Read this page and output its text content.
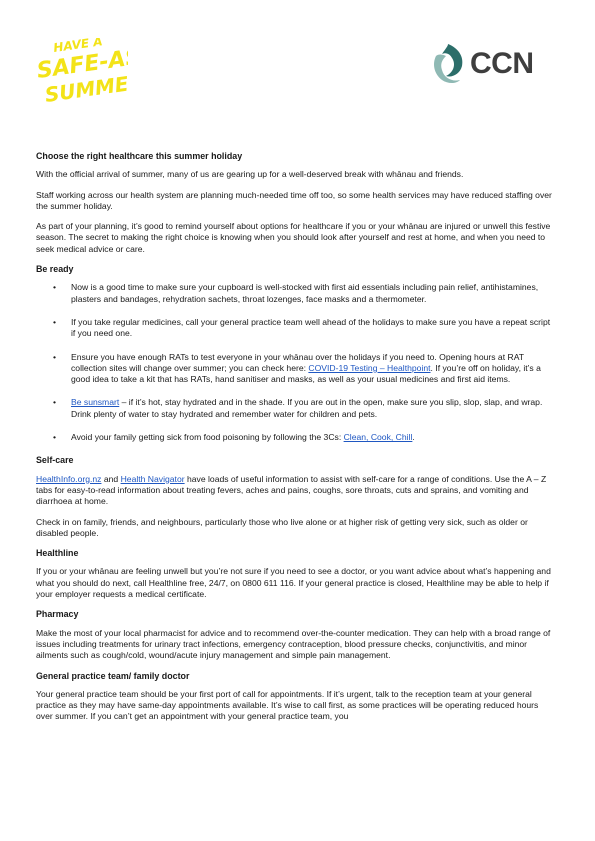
HAVE A
SAFE-AS
SUMMER
CCN
Choose the right healthcare this summer holiday

With the official arrival of summer, many of us are gearing up for a well-deserved break with whānau and friends.

Staff working across our health system are planning much-needed time off too, so some health services may have reduced staffing over the summer holiday.

As part of your planning, it’s good to remind yourself about options for healthcare if you or your whānau are injured or unwell this festive season. The secret to making the right choice is knowing when you should look after yourself and rest at home, and when you need to seek medical advice or care.

Be ready
• Now is a good time to make sure your cupboard is well-stocked with first aid essentials including pain relief, antihistamines, plasters and bandages, rehydration sachets, throat lozenges, face masks and a thermometer.
• If you take regular medicines, call your general practice team well ahead of the holidays to make sure you have a repeat script if you need one.
• Ensure you have enough RATs to test everyone in your whānau over the holidays if you need to. Opening hours at RAT collection sites will change over summer; you can check here: COVID-19 Testing – Healthpoint. If you’re off on holiday, it’s a good idea to take a kit that has RATs, hand sanitiser and masks, as well as your usual medicines and first aid items.
• Be sunsmart – if it’s hot, stay hydrated and in the shade. If you are out in the open, make sure you slip, slop, slap, and wrap. Drink plenty of water to stay hydrated and remember water for children and pets.
• Avoid your family getting sick from food poisoning by following the 3Cs: Clean, Cook, Chill.
Self-care

HealthInfo.org.nz and Health Navigator have loads of useful information to assist with self-care for a range of conditions. Use the A – Z tabs for easy-to-read information about treating fevers, aches and pains, coughs, sore throats, cuts and sprains, and vomiting and diarrhoea at home.

Check in on family, friends, and neighbours, particularly those who live alone or at higher risk of getting very sick, such as older or disabled people.

Healthline

If you or your whānau are feeling unwell but you’re not sure if you need to see a doctor, or you want advice about what’s happening and what you should do next, call Healthline free, 24/7, on 0800 611 116. If your general practice is closed, Healthline may be able to help if your employer requests a medical certificate.

Pharmacy

Make the most of your local pharmacist for advice and to recommend over-the-counter medication. They can help with a broad range of issues including treatments for urinary tract infections, emergency contraception, blood pressure checks, conjunctivitis, and minor ailments such as cough/cold, wound/acute injury management and simple pain management.

General practice team/ family doctor

Your general practice team should be your first port of call for appointments. If it’s urgent, talk to the reception team at your general practice as they may have same-day appointments available. It’s wise to call first, as some practices will be operating reduced hours over summer. If you can’t get an appointment with your general practice team, you
